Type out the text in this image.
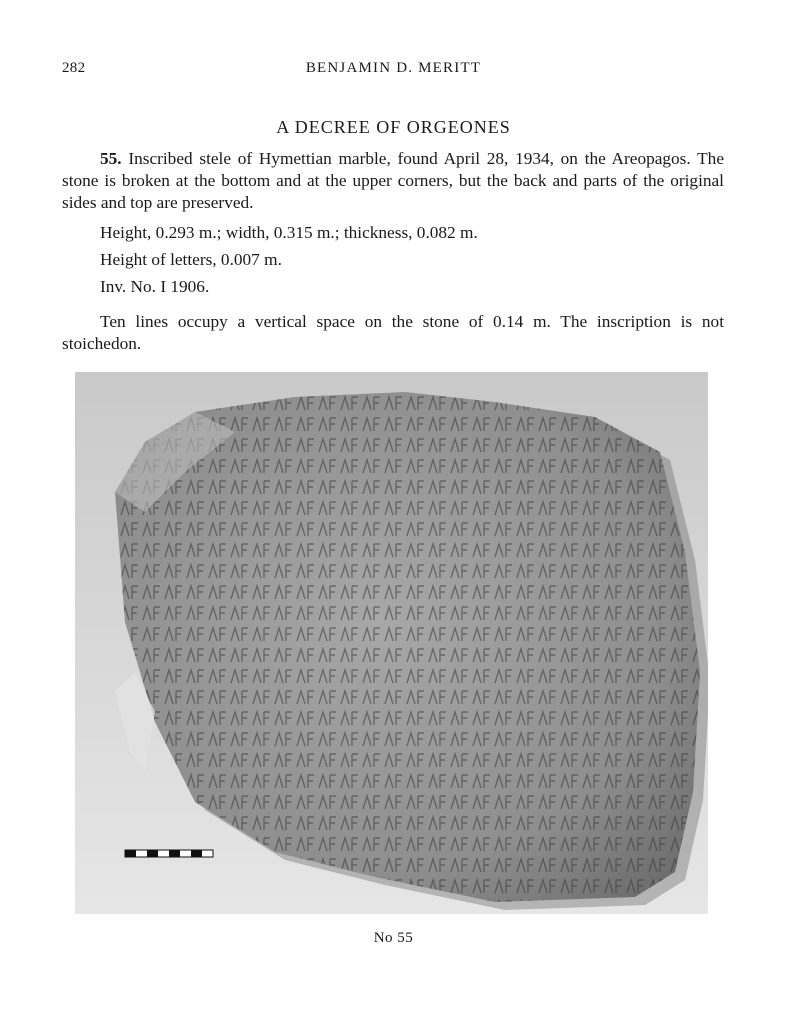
282	BENJAMIN D. MERITT
A DECREE OF ORGEONES
55. Inscribed stele of Hymettian marble, found April 28, 1934, on the Areopagos. The stone is broken at the bottom and at the upper corners, but the back and parts of the original sides and top are preserved.
Height, 0.293 m.; width, 0.315 m.; thickness, 0.082 m.
Height of letters, 0.007 m.
Inv. No. I 1906.
Ten lines occupy a vertical space on the stone of 0.14 m. The inscription is not stoichedon.
No 55
